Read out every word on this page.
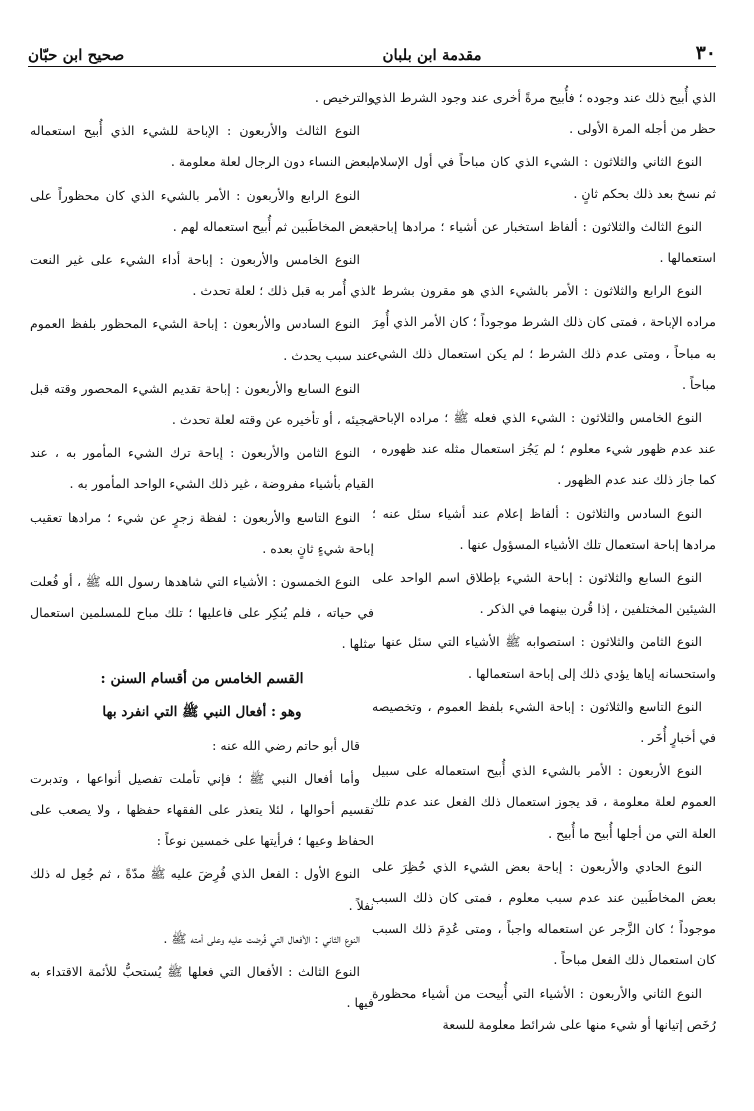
٣٠
مقدمة ابن بلبان
صحيح ابن حبّان

الذي أُبيح ذلك عند وجوده ؛ فأُبيح مرةً أخرى عند وجود الشرط الذي حظر من أجله المرة الأولى .

النوع الثاني والثلاثون : الشيء الذي كان مباحاً في أول الإسلام ثم نسخ بعد ذلك بحكم ثانٍ .

النوع الثالث والثلاثون : ألفاظ استخبار عن أشياء ؛ مرادها إباحة استعمالها .

النوع الرابع والثلاثون : الأمر بالشيء الذي هو مقرون بشرط ؛ مراده الإباحة ، فمتى كان ذلك الشرط موجوداً ؛ كان الأمر الذي أُمِرَ به مباحاً ، ومتى عدم ذلك الشرط ؛ لم يكن استعمال ذلك الشيء مباحاً .

النوع الخامس والثلاثون : الشيء الذي فعله ﷺ ؛ مراده الإباحة عند عدم ظهور شيء معلوم ؛ لم يَجُز استعمال مثله عند ظهوره ، كما جاز ذلك عند عدم الظهور .

النوع السادس والثلاثون : ألفاظ إعلام عند أشياء سئل عنه ؛ مرادها إباحة استعمال تلك الأشياء المسؤول عنها .

النوع السابع والثلاثون : إباحة الشيء بإطلاق اسم الواحد على الشيئين المختلفين ، إذا قُرن بينهما في الذكر .

النوع الثامن والثلاثون : استصوابه ﷺ الأشياء التي سئل عنها ، واستحسانه إياها يؤدي ذلك إلى إباحة استعمالها .

النوع التاسع والثلاثون : إباحة الشيء بلفظ العموم ، وتخصيصه في أخبارٍ أُخَر .

النوع الأربعون : الأمر بالشيء الذي أُبيح استعماله على سبيل العموم لعلة معلومة ، قد يجوز استعمال ذلك الفعل عند عدم تلك العلة التي من أجلها أُبيح ما أُبيح .

النوع الحادي والأربعون : إباحة بعض الشيء الذي حُظِرَ على بعض المخاطَبين عند عدم سبب معلوم ، فمتى كان ذلك السبب موجوداً ؛ كان الزَّجر عن استعماله واجباً ، ومتى عُدِمَ ذلك السبب كان استعمال ذلك الفعل مباحاً .

النوع الثاني والأربعون : الأشياء التي أُبيحت من أشياء محظورة رُخَص إتيانها أو شيء منها على شرائط معلومة للسعة

والترخيص .

النوع الثالث والأربعون : الإباحة للشيء الذي أُبيح استعماله لبعض النساء دون الرجال لعلة معلومة .

النوع الرابع والأربعون : الأمر بالشيء الذي كان محظوراً على بعض المخاطَبين ثم أُبيح استعماله لهم .

النوع الخامس والأربعون : إباحة أداء الشيء على غير النعت الذي أُمر به قبل ذلك ؛ لعلة تحدث .

النوع السادس والأربعون : إباحة الشيء المحظور بلفظ العموم عند سبب يحدث .

النوع السابع والأربعون : إباحة تقديم الشيء المحصور وقته قبل مجيئه ، أو تأخيره عن وقته لعلة تحدث .

النوع الثامن والأربعون : إباحة ترك الشيء المأمور به ، عند القيام بأشياء مفروضة ، غير ذلك الشيء الواحد المأمور به .

النوع التاسع والأربعون : لفظة زجرٍ عن شيء ؛ مرادها تعقيب إباحة شيءٍ ثانٍ بعده .

النوع الخمسون : الأشياء التي شاهدها رسول الله ﷺ ، أو فُعلت في حياته ، فلم يُنكِر على فاعليها ؛ تلك مباح للمسلمين استعمال مثلها .

القسم الخامس من أقسام السنن :
وهو : أفعال النبي ﷺ التي انفرد بها

قال أبو حاتم رضي الله عنه :

وأما أفعال النبي ﷺ ؛ فإني تأملت تفصيل أنواعها ، وتدبرت تقسيم أحوالها ، لئلا يتعذر على الفقهاء حفظها ، ولا يصعب على الحفاظ وعيها ؛ فرأيتها على خمسين نوعاً :

النوع الأول : الفعل الذي فُرِضَ عليه ﷺ مدّةً ، ثم جُعِل له ذلك نفلاً .

النوع الثاني : الأفعال التي فُرضت عليه وعلى أمته ﷺ .

النوع الثالث : الأفعال التي فعلها ﷺ يُستحبُّ للأئمة الاقتداء به فيها .
